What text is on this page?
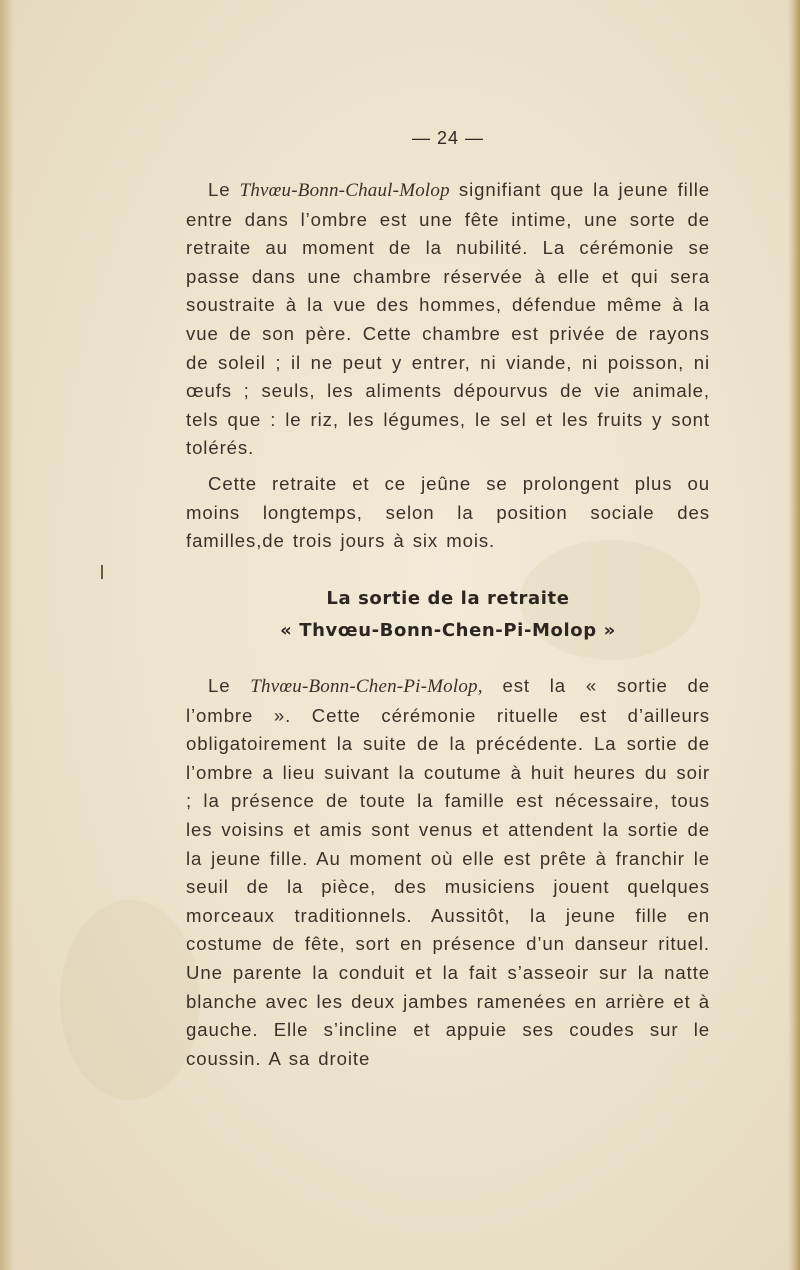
— 24 —

Le Thvœu-Bonn-Chaul-Molop signifiant que la jeune fille entre dans l’ombre est une fête intime, une sorte de retraite au moment de la nubilité. La cérémonie se passe dans une chambre réservée à elle et qui sera soustraite à la vue des hommes, défendue même à la vue de son père. Cette chambre est privée de rayons de soleil ; il ne peut y entrer, ni viande, ni poisson, ni œufs ; seuls, les aliments dépourvus de vie animale, tels que : le riz, les légumes, le sel et les fruits y sont tolérés.

Cette retraite et ce jeûne se prolongent plus ou moins longtemps, selon la position sociale des familles,de trois jours à six mois.

La sortie de la retraite
« Thvœu-Bonn-Chen-Pi-Molop »

Le Thvœu-Bonn-Chen-Pi-Molop, est la « sortie de l’ombre ». Cette cérémonie rituelle est d’ailleurs obligatoirement la suite de la précédente. La sortie de l’ombre a lieu suivant la coutume à huit heures du soir ; la présence de toute la famille est nécessaire, tous les voisins et amis sont venus et attendent la sortie de la jeune fille. Au moment où elle est prête à franchir le seuil de la pièce, des musiciens jouent quelques morceaux traditionnels. Aussitôt, la jeune fille en costume de fête, sort en présence d’un danseur rituel. Une parente la conduit et la fait s’asseoir sur la natte blanche avec les deux jambes ramenées en arrière et à gauche. Elle s’incline et appuie ses coudes sur le coussin. A sa droite
